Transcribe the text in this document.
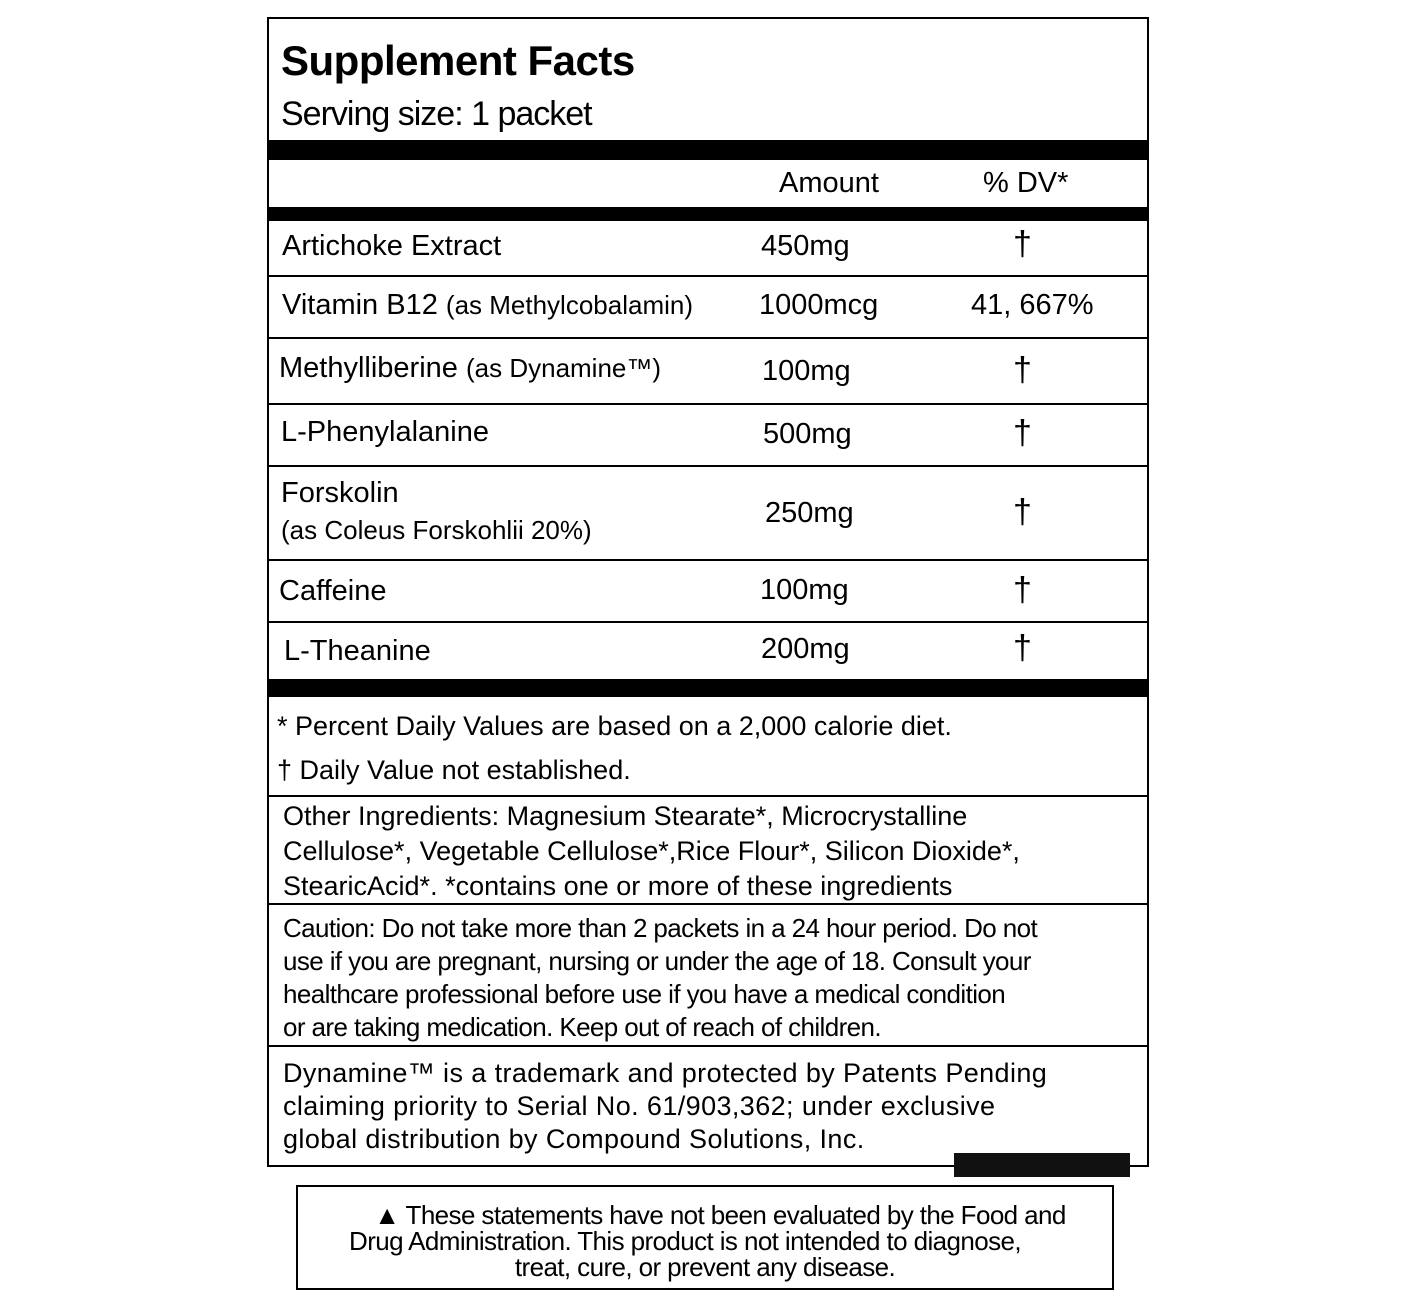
Supplement Facts
Serving size: 1 packet
Amount	% DV*
Artichoke Extract	450mg	†
Vitamin B12 (as Methylcobalamin) 1000mcg	41, 667%
Methylliberine (as Dynamine™)	100mg	†
L-Phenylalanine	500mg	†
Forskolin
(as Coleus Forskohlii 20%)
250mg	†
Caffeine	100mg	†
L-Theanine	200mg	†
* Percent Daily Values are based on a 2,000 calorie diet.
† Daily Value not established.

Other Ingredients: Magnesium Stearate*, Microcrystalline

Cellulose*, Vegetable Cellulose*,Rice Flour*, Silicon Dioxide*,

StearicAcid*. *contains one or more of these ingredients

Caution: Do not take more than 2 packets in a 24 hour period. Do not

use if you are pregnant, nursing or under the age of 18. Consult your

healthcare professional before use if you have a medical condition

or are taking medication. Keep out of reach of children.

Dynamine™ is a trademark and protected by Patents Pending

claiming priority to Serial No. 61/903,362; under exclusive

global distribution by Compound Solutions, Inc.

▲ These statements have not been evaluated by the Food and
Drug Administration. This product is not intended to diagnose,
treat, cure, or prevent any disease.
